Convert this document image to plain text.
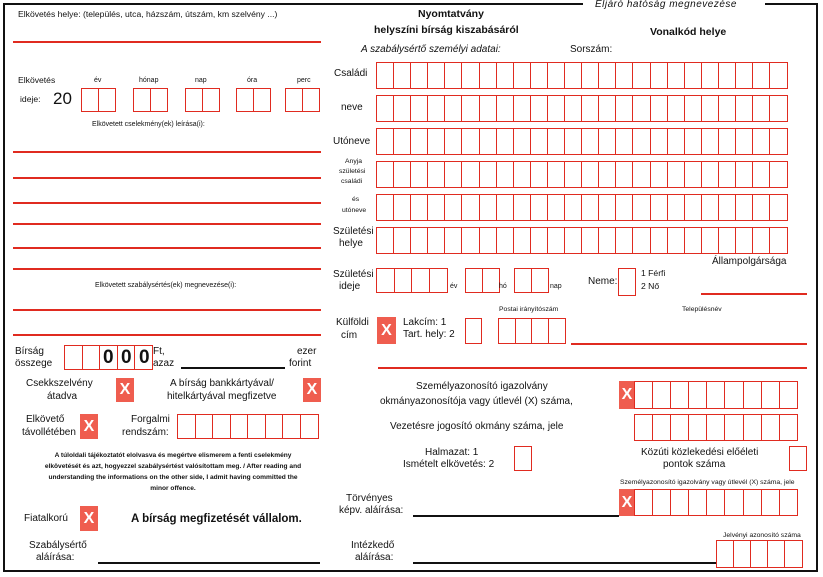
Elkövetés helye: (település, utca, házszám, útszám, km szelvény ...)
Elkövetés
ideje: 20
év	hónap	nap	óra	perc
Elkövetett cselekmény(ek) leírása(i):
Elkövetett szabálysértés(ek) megnevezése(i):
Bírság
összege	0 0 0 Ft,
azaz
ezer
forint
Csekkszelvény
átadva	X	A bírság bankkártyával/
hitelkártyával megfizetve X
Elkövető
távollétében X	Forgalmi
rendszám:
A túloldali tájékoztatót elolvasva és megértve elismerem a fenti cselekmény
elkövetését és azt, hogyezzel szabálysértést valósítottam meg. / After reading and
understanding the informations on the other side, I admit having committed the
minor offence.
Fiatalkorú X	A bírság megfizetését vállalom.
Szabálysértő
aláírása:
Nyomtatvány
helyszíni bírság kiszabásáról
A szabálysértő személyi adatai:	Sorszám:
Eljáró hatóság megnevezése
Vonalkód helye
Családi
neve
Utóneve
Anyja
születési
családi
és
utóneve
Születési
helye
Születési
ideje	év	hó	nap	Neme:
1 Férfi
2 Nő
Állampolgársága
Külföldi
cím X	Lakcím: 1
Tart. hely: 2
Postai irányítószám	Településnév
Személyazonosító igazolvány
okmányazonosítója vagy útlevél (X) száma,	X
Vezetésre jogosító okmány száma, jele
Halmazat: 1
Ismételt elkövetés: 2
Közúti közlekedési előéleti
pontok száma
Személyazonosító igazolvány vagy útlevél (X) száma, jele
X
Törvényes
képv. aláírása:
Jelvényi azonosító száma
Intézkedő
aláírása:
